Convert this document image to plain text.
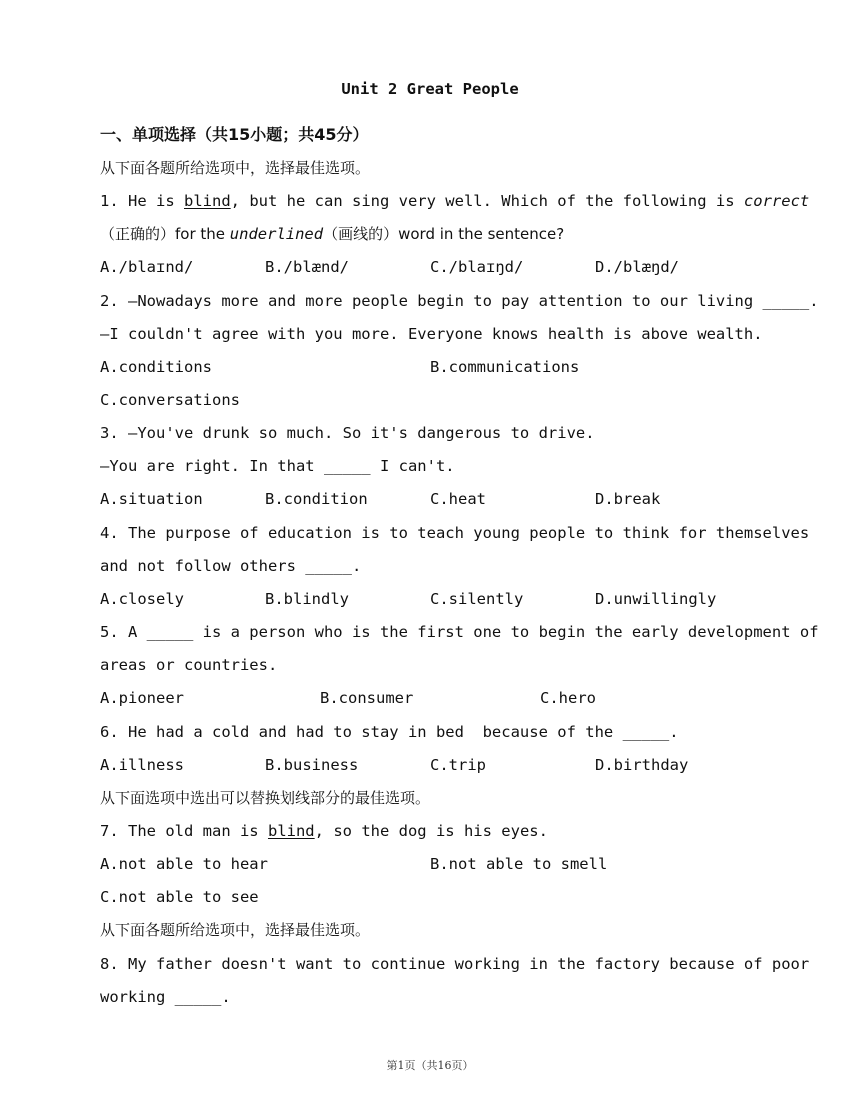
Unit 2 Great People
一、单项选择（共15小题；共45分）
从下面各题所给选项中，选择最佳选项。
1. He is blind, but he can sing very well. Which of the following is correct
（正确的）for the underlined（画线的）word in the sentence?
A./blaɪnd/	B./blænd/	C./blaɪŋd/	D./blæŋd/
2. —Nowadays more and more people begin to pay attention to our living _____.
—I couldn't agree with you more. Everyone knows health is above wealth.
A.conditions	B.communications
C.conversations
3. —You've drunk so much. So it's dangerous to drive.
—You are right. In that _____ I can't.
A.situation	B.condition	C.heat	D.break
4. The purpose of education is to teach young people to think for themselves
and not follow others _____.
A.closely	B.blindly	C.silently	D.unwillingly
5. A _____ is a person who is the first one to begin the early development of
areas or countries.
A.pioneer	B.consumer	C.hero
6. He had a cold and had to stay in bed  because of the _____.
A.illness	B.business	C.trip	D.birthday
从下面选项中选出可以替换划线部分的最佳选项。
7. The old man is blind, so the dog is his eyes.
A.not able to hear	B.not able to smell
C.not able to see
从下面各题所给选项中，选择最佳选项。
8. My father doesn't want to continue working in the factory because of poor
working _____.
第1页（共16页）
